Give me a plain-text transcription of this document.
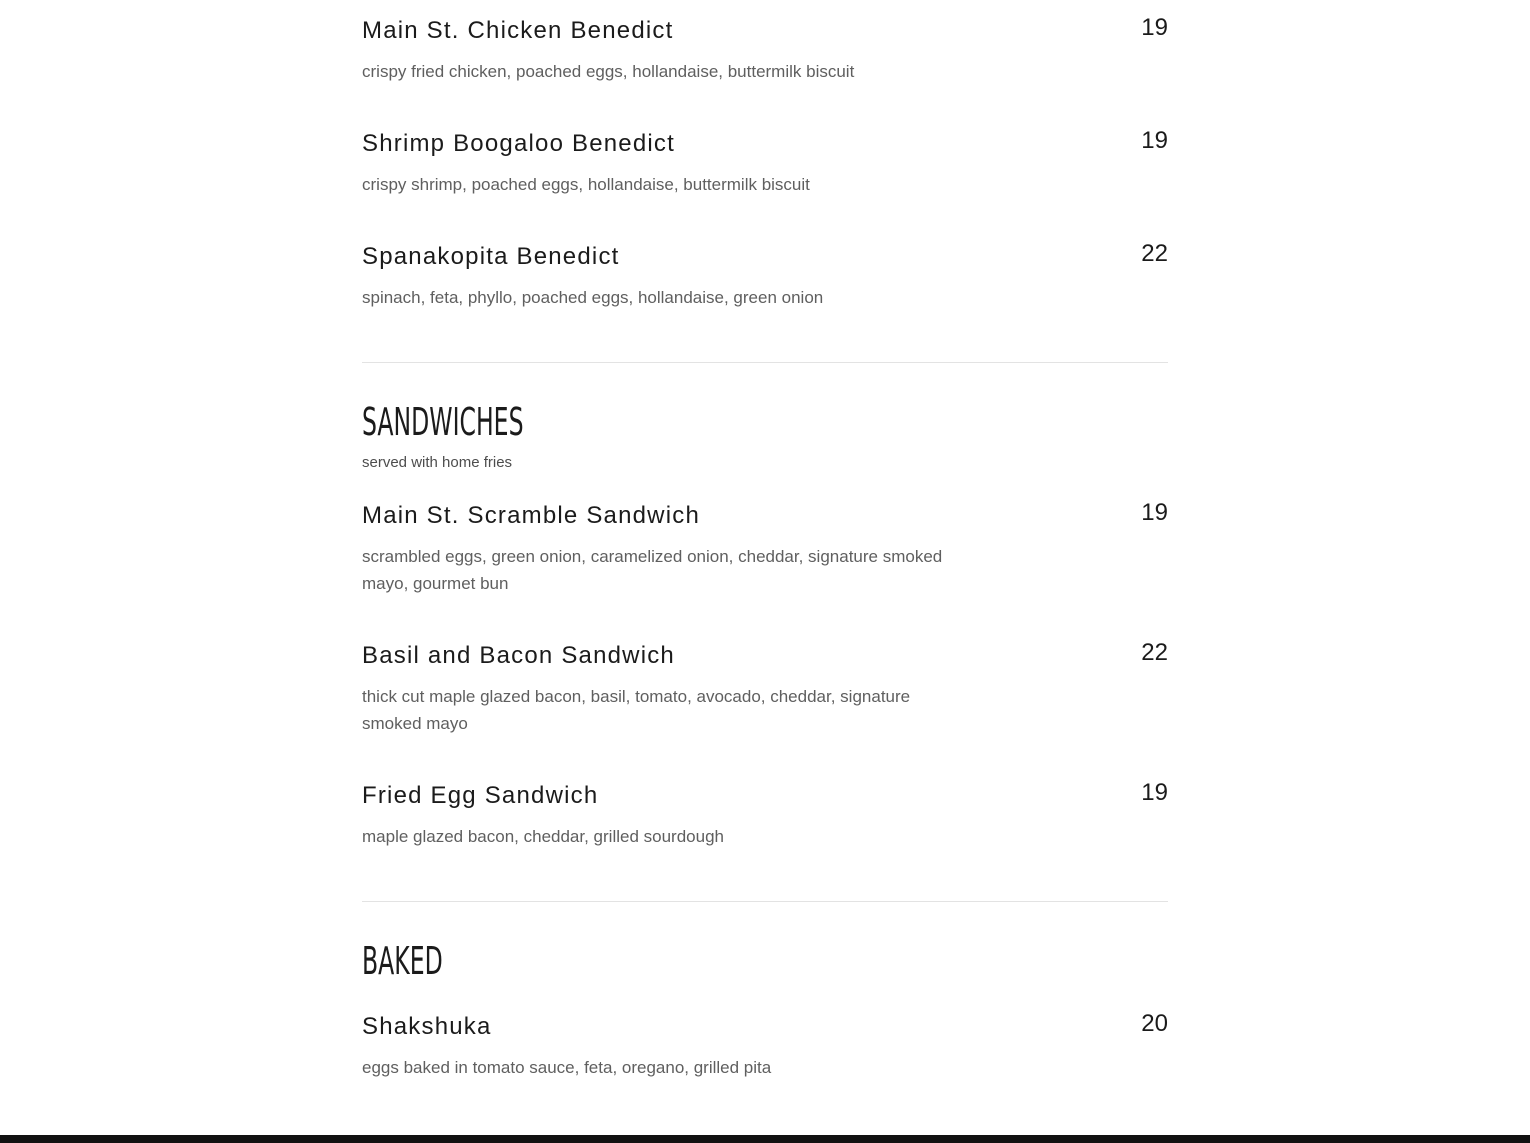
Main St. Chicken Benedict	19
crispy fried chicken, poached eggs, hollandaise, buttermilk biscuit
Shrimp Boogaloo Benedict	19
crispy shrimp, poached eggs, hollandaise, buttermilk biscuit
Spanakopita Benedict	22
spinach, feta, phyllo, poached eggs, hollandaise, green onion
SANDWICHES
served with home fries
Main St. Scramble Sandwich	19
scrambled eggs, green onion, caramelized onion, cheddar, signature smoked mayo, gourmet bun
Basil and Bacon Sandwich	22
thick cut maple glazed bacon, basil, tomato, avocado, cheddar, signature smoked mayo
Fried Egg Sandwich	19
maple glazed bacon, cheddar, grilled sourdough
BAKED
Shakshuka	20
eggs baked in tomato sauce, feta, oregano, grilled pita
